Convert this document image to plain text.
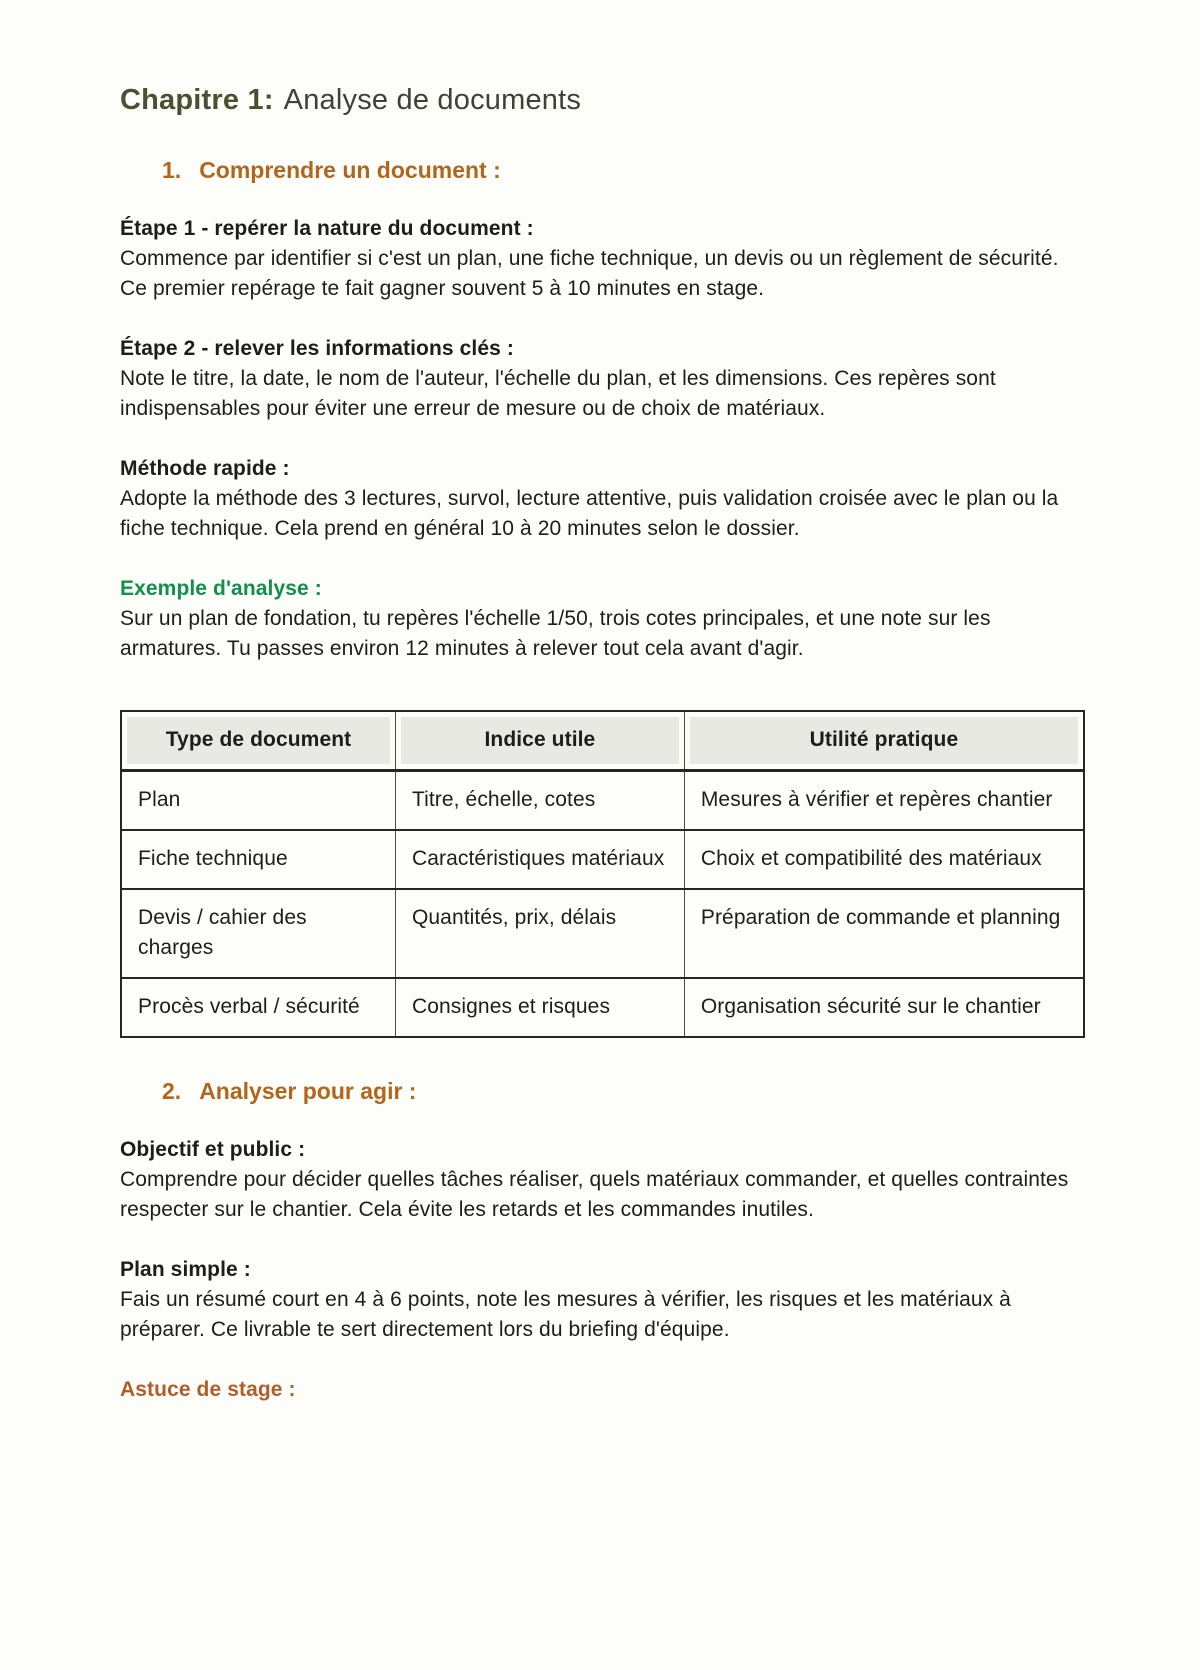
Chapitre 1: Analyse de documents
1. Comprendre un document :
Étape 1 - repérer la nature du document :

Commence par identifier si c'est un plan, une fiche technique, un devis ou un règlement de sécurité. Ce premier repérage te fait gagner souvent 5 à 10 minutes en stage.

Étape 2 - relever les informations clés :

Note le titre, la date, le nom de l'auteur, l'échelle du plan, et les dimensions. Ces repères sont indispensables pour éviter une erreur de mesure ou de choix de matériaux.

Méthode rapide :

Adopte la méthode des 3 lectures, survol, lecture attentive, puis validation croisée avec le plan ou la fiche technique. Cela prend en général 10 à 20 minutes selon le dossier.

Exemple d'analyse :

Sur un plan de fondation, tu repères l'échelle 1/50, trois cotes principales, et une note sur les armatures. Tu passes environ 12 minutes à relever tout cela avant d'agir.

Type de document	Indice utile	Utilité pratique

Plan	Titre, échelle, cotes	Mesures à vérifier et repères chantier
Fiche technique	Caractéristiques matériaux	Choix et compatibilité des matériaux
Devis / cahier des charges	Quantités, prix, délais	Préparation de commande et planning
Procès verbal / sécurité	Consignes et risques	Organisation sécurité sur le chantier
2. Analyser pour agir :
Objectif et public :

Comprendre pour décider quelles tâches réaliser, quels matériaux commander, et quelles contraintes respecter sur le chantier. Cela évite les retards et les commandes inutiles.

Plan simple :

Fais un résumé court en 4 à 6 points, note les mesures à vérifier, les risques et les matériaux à préparer. Ce livrable te sert directement lors du briefing d'équipe.

Astuce de stage :
